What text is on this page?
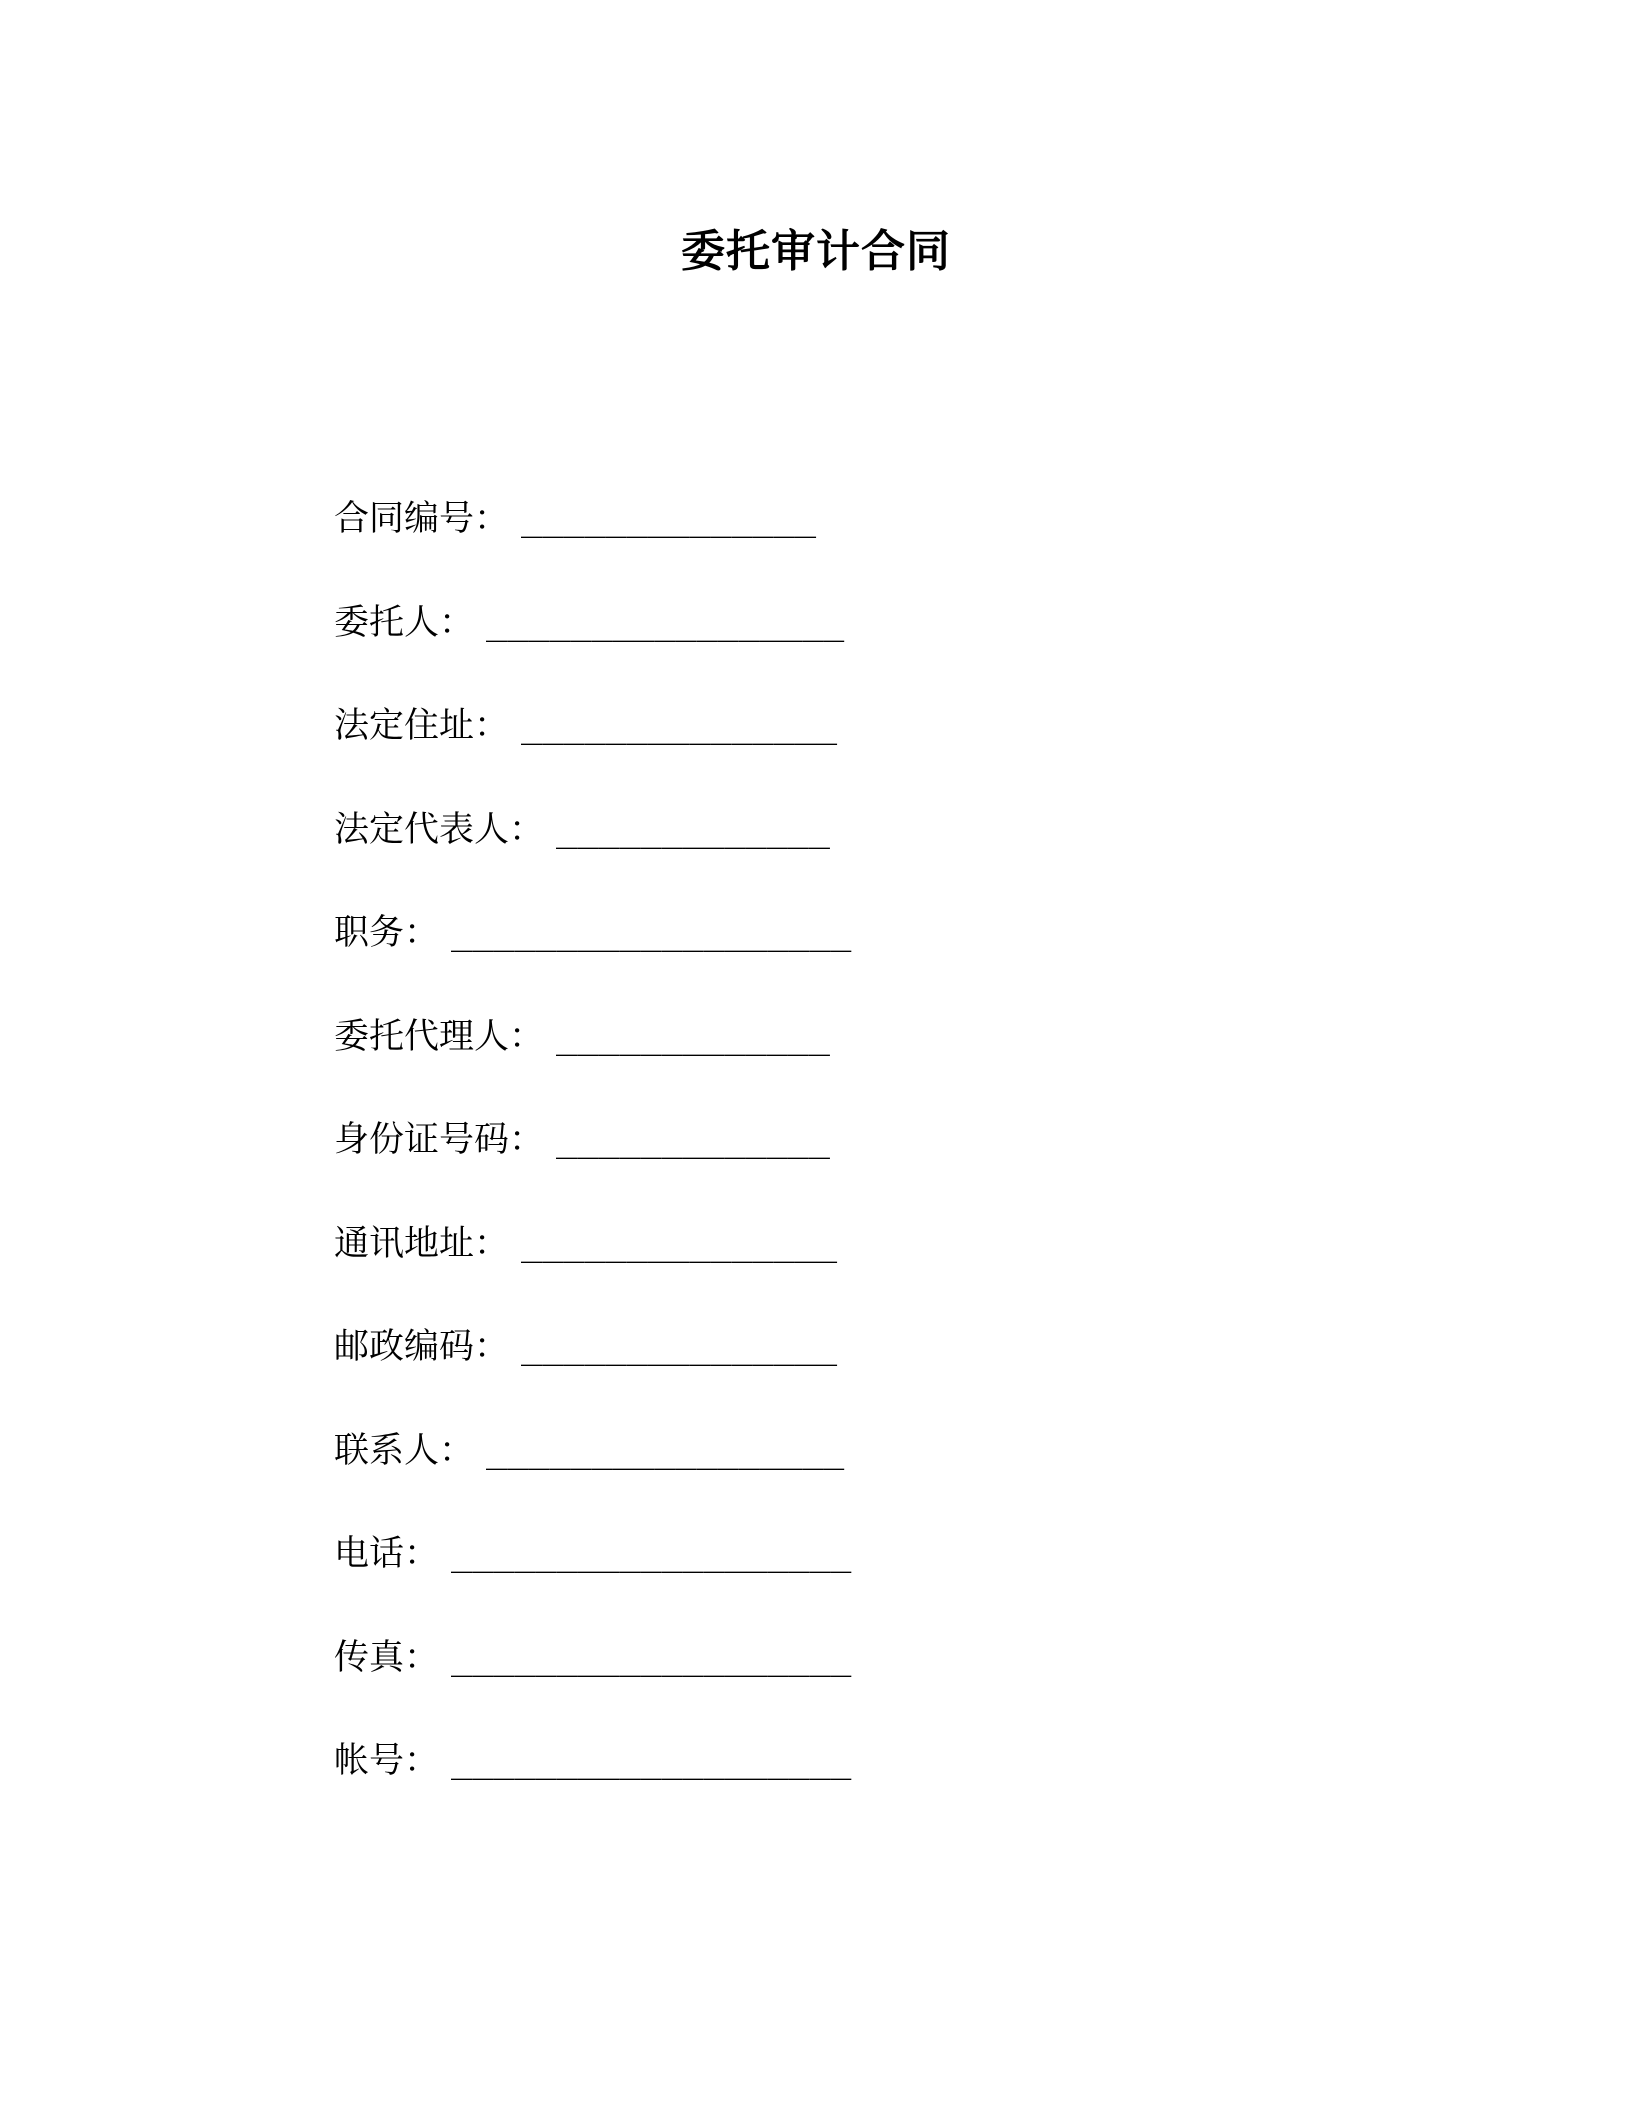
委托审计合同
合同编号： ______________
委托人： _________________
法定住址： _______________
法定代表人： _____________
职务： ___________________
委托代理人： _____________
身份证号码： _____________
通讯地址： _______________
邮政编码： _______________
联系人： _________________
电话： ___________________
传真： ___________________
帐号： ___________________
